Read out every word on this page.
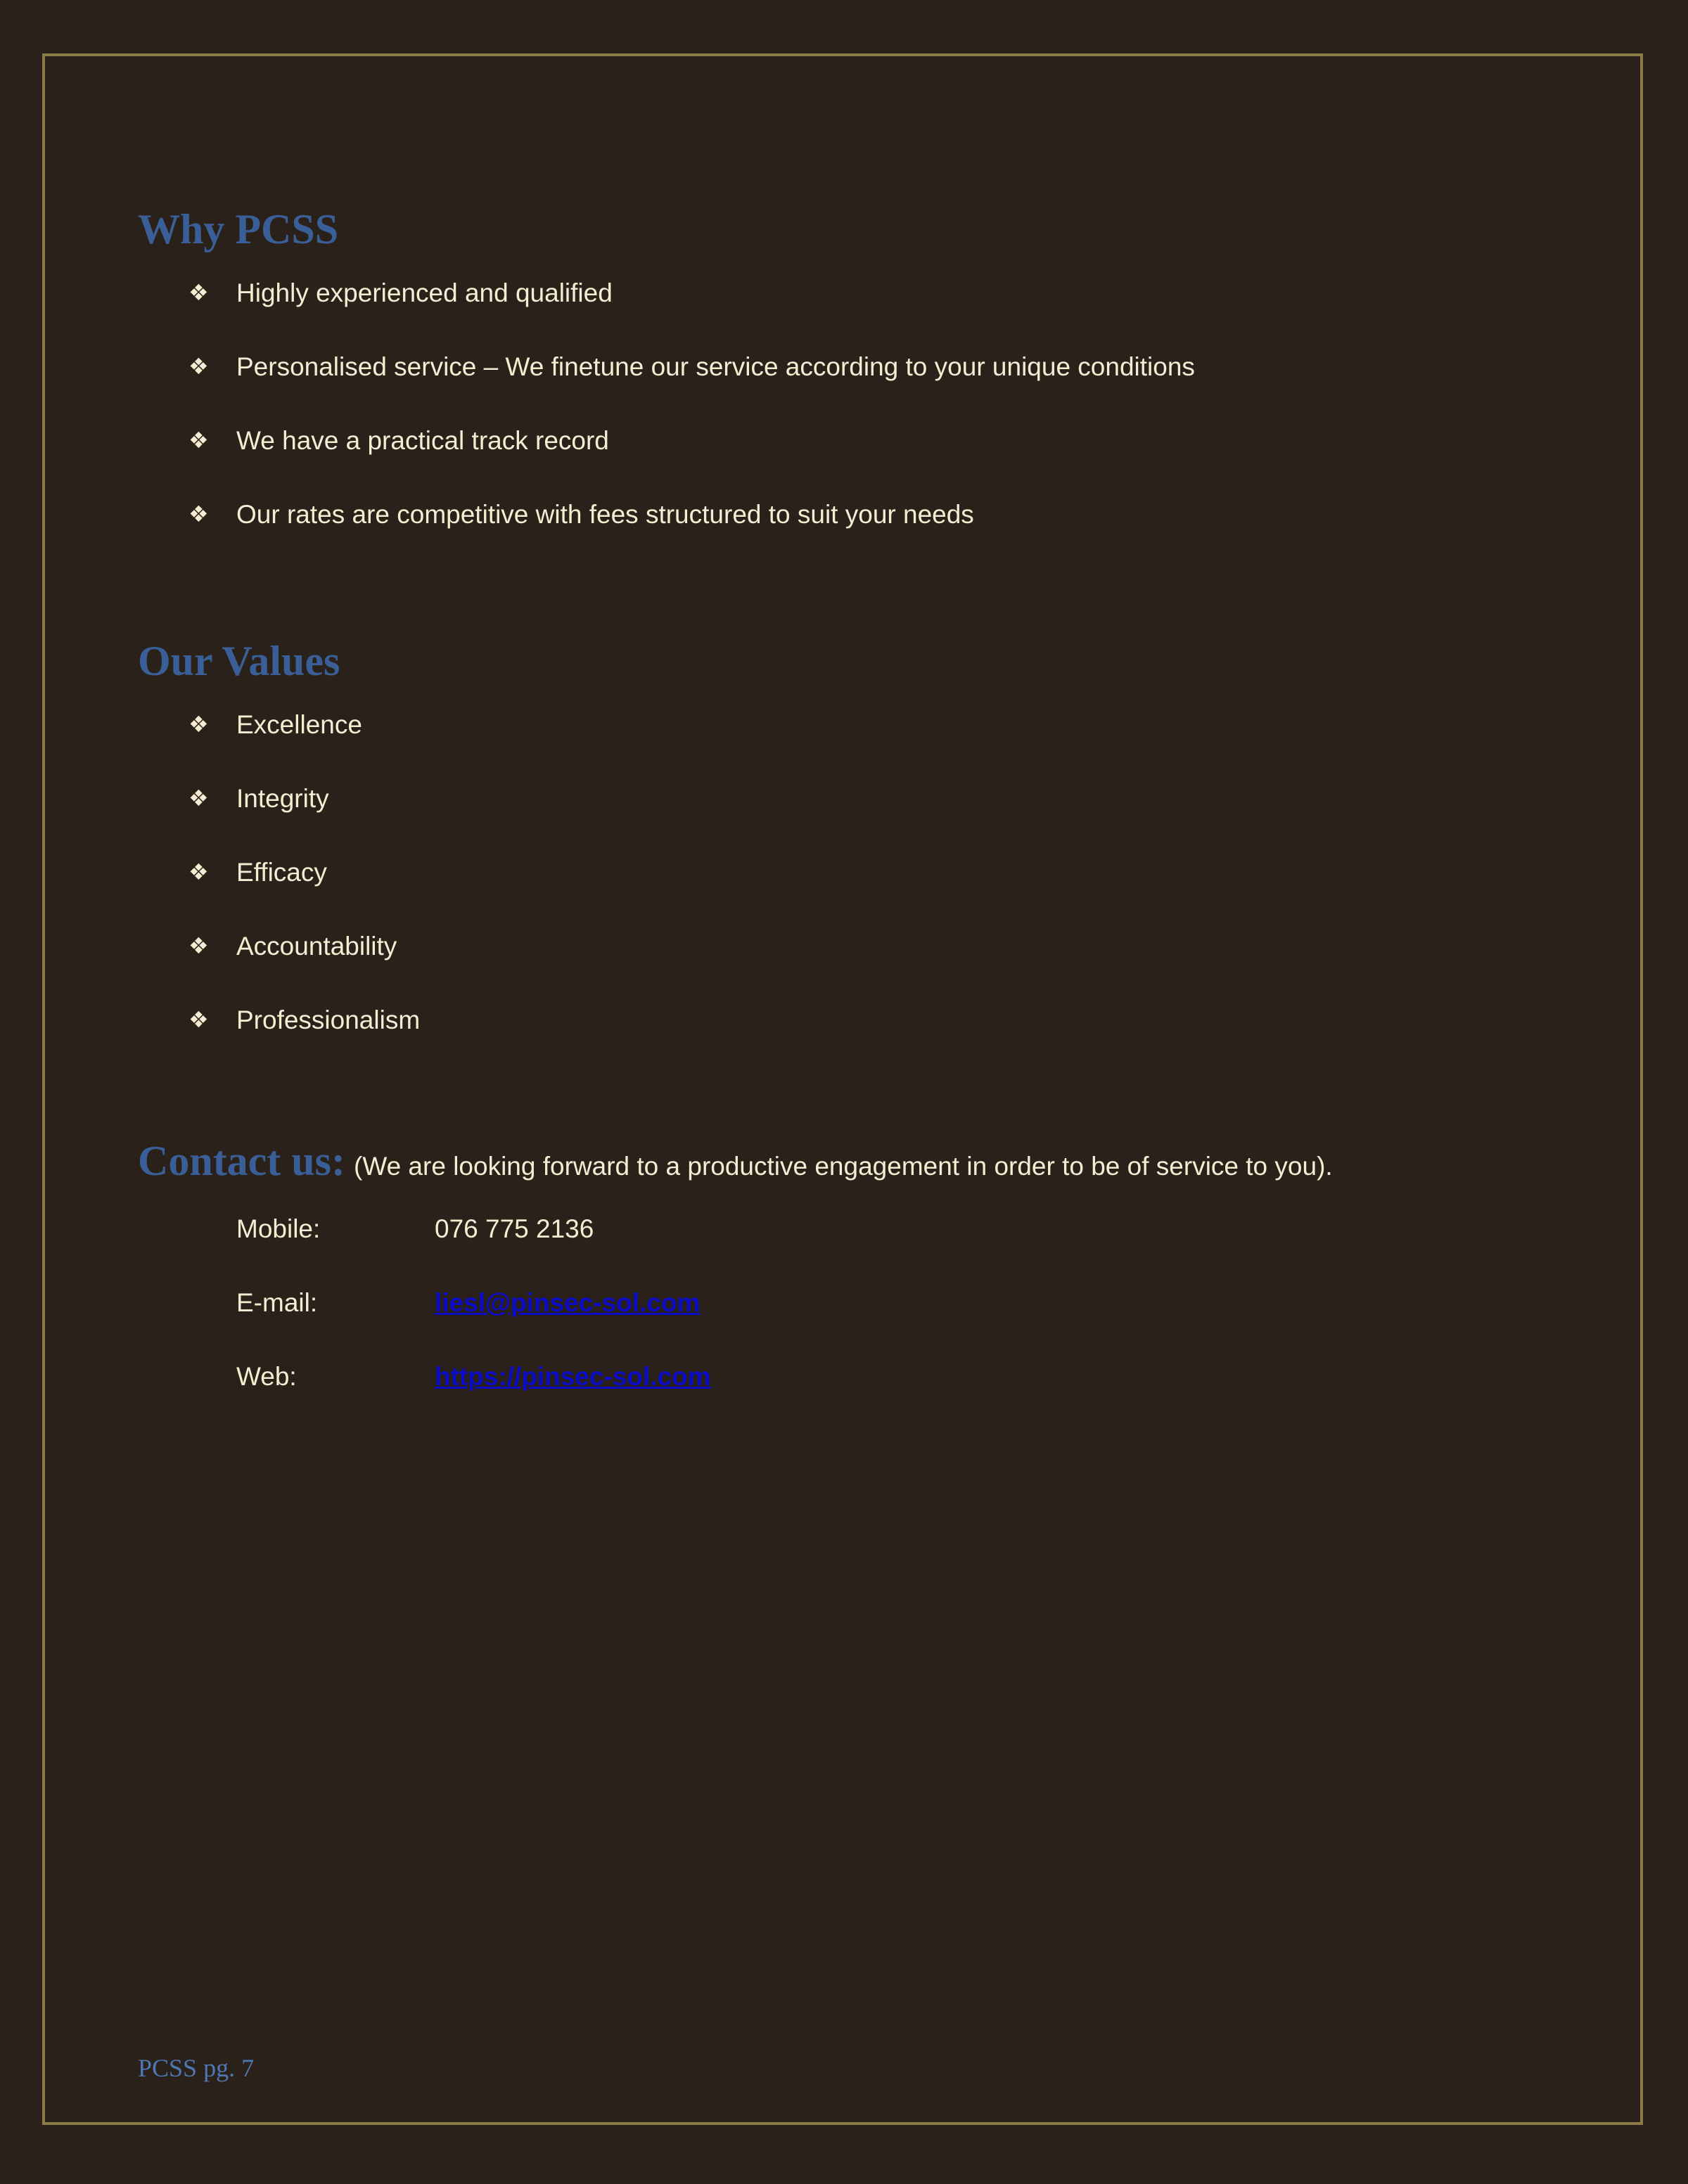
Why PCSS
❖ Highly experienced and qualified
❖ Personalised service – We finetune our service according to your unique conditions
❖ We have a practical track record
❖ Our rates are competitive with fees structured to suit your needs
Our Values
❖ Excellence
❖ Integrity
❖ Efficacy
❖ Accountability
❖ Professionalism
Contact us: (We are looking forward to a productive engagement in order to be of service to you).
Mobile:	076 775 2136
E-mail:	liesl@pinsec-sol.com
Web:	https://pinsec-sol.com
PCSS pg. 7
